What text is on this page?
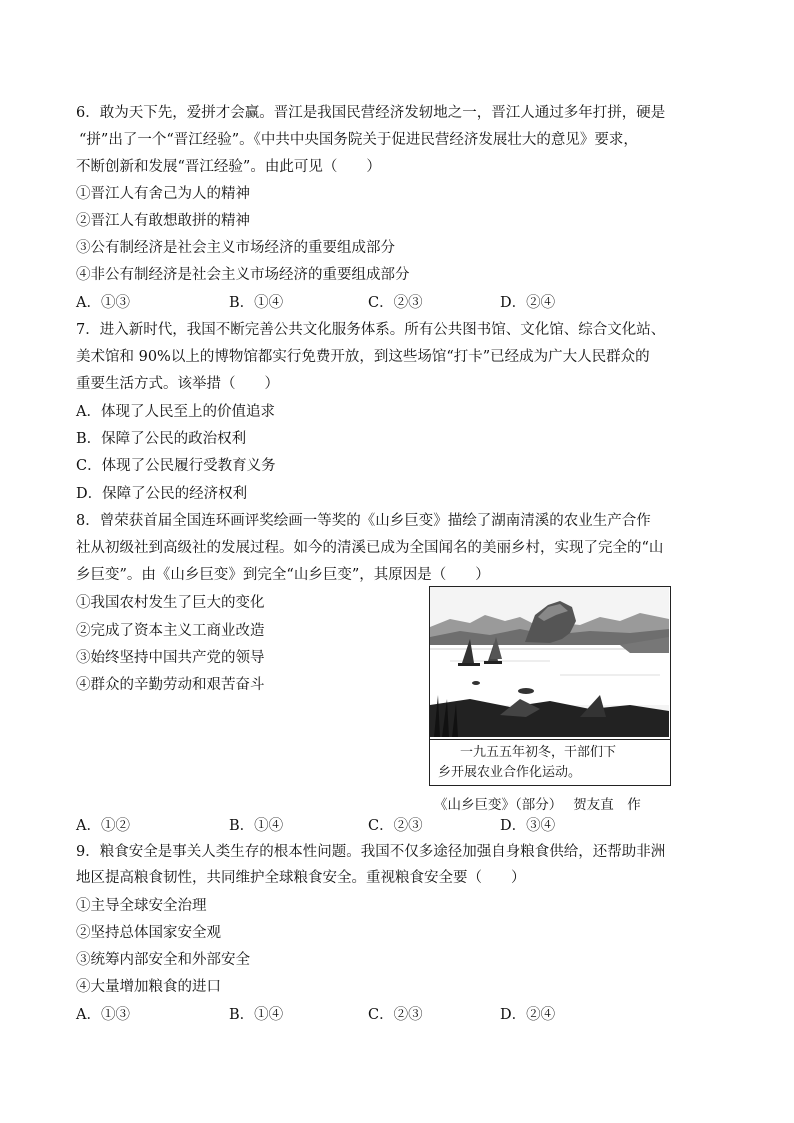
6．敢为天下先，爱拼才会赢。晋江是我国民营经济发轫地之一，晋江人通过多年打拼，硬是
“拼”出了一个“晋江经验”。《中共中央国务院关于促进民营经济发展壮大的意见》要求，
不断创新和发展“晋江经验”。由此可见（　　）
①晋江人有舍己为人的精神
②晋江人有敢想敢拼的精神
③公有制经济是社会主义市场经济的重要组成部分
④非公有制经济是社会主义市场经济的重要组成部分
A．①③	B．①④	C．②③	D．②④
7．进入新时代，我国不断完善公共文化服务体系。所有公共图书馆、文化馆、综合文化站、
美术馆和 90%以上的博物馆都实行免费开放，到这些场馆“打卡”已经成为广大人民群众的
重要生活方式。该举措（　　）
A．体现了人民至上的价值追求
B．保障了公民的政治权利
C．体现了公民履行受教育义务
D．保障了公民的经济权利
8．曾荣获首届全国连环画评奖绘画一等奖的《山乡巨变》描绘了湖南清溪的农业生产合作
社从初级社到高级社的发展过程。如今的清溪已成为全国闻名的美丽乡村，实现了完全的“山
乡巨变”。由《山乡巨变》到完全“山乡巨变”，其原因是（　　）
①我国农村发生了巨大的变化
②完成了资本主义工商业改造
③始终坚持中国共产党的领导
④群众的辛勤劳动和艰苦奋斗
一九五五年初冬，干部们下
乡开展农业合作化运动。
《山乡巨变》（部分）　 贺友直　作
A．①②	B．①④	C．②③	D．③④
9．粮食安全是事关人类生存的根本性问题。我国不仅多途径加强自身粮食供给，还帮助非洲
地区提高粮食韧性，共同维护全球粮食安全。重视粮食安全要（　　）
①主导全球安全治理
②坚持总体国家安全观
③统筹内部安全和外部安全
④大量增加粮食的进口
A．①③	B．①④	C．②③	D．②④
